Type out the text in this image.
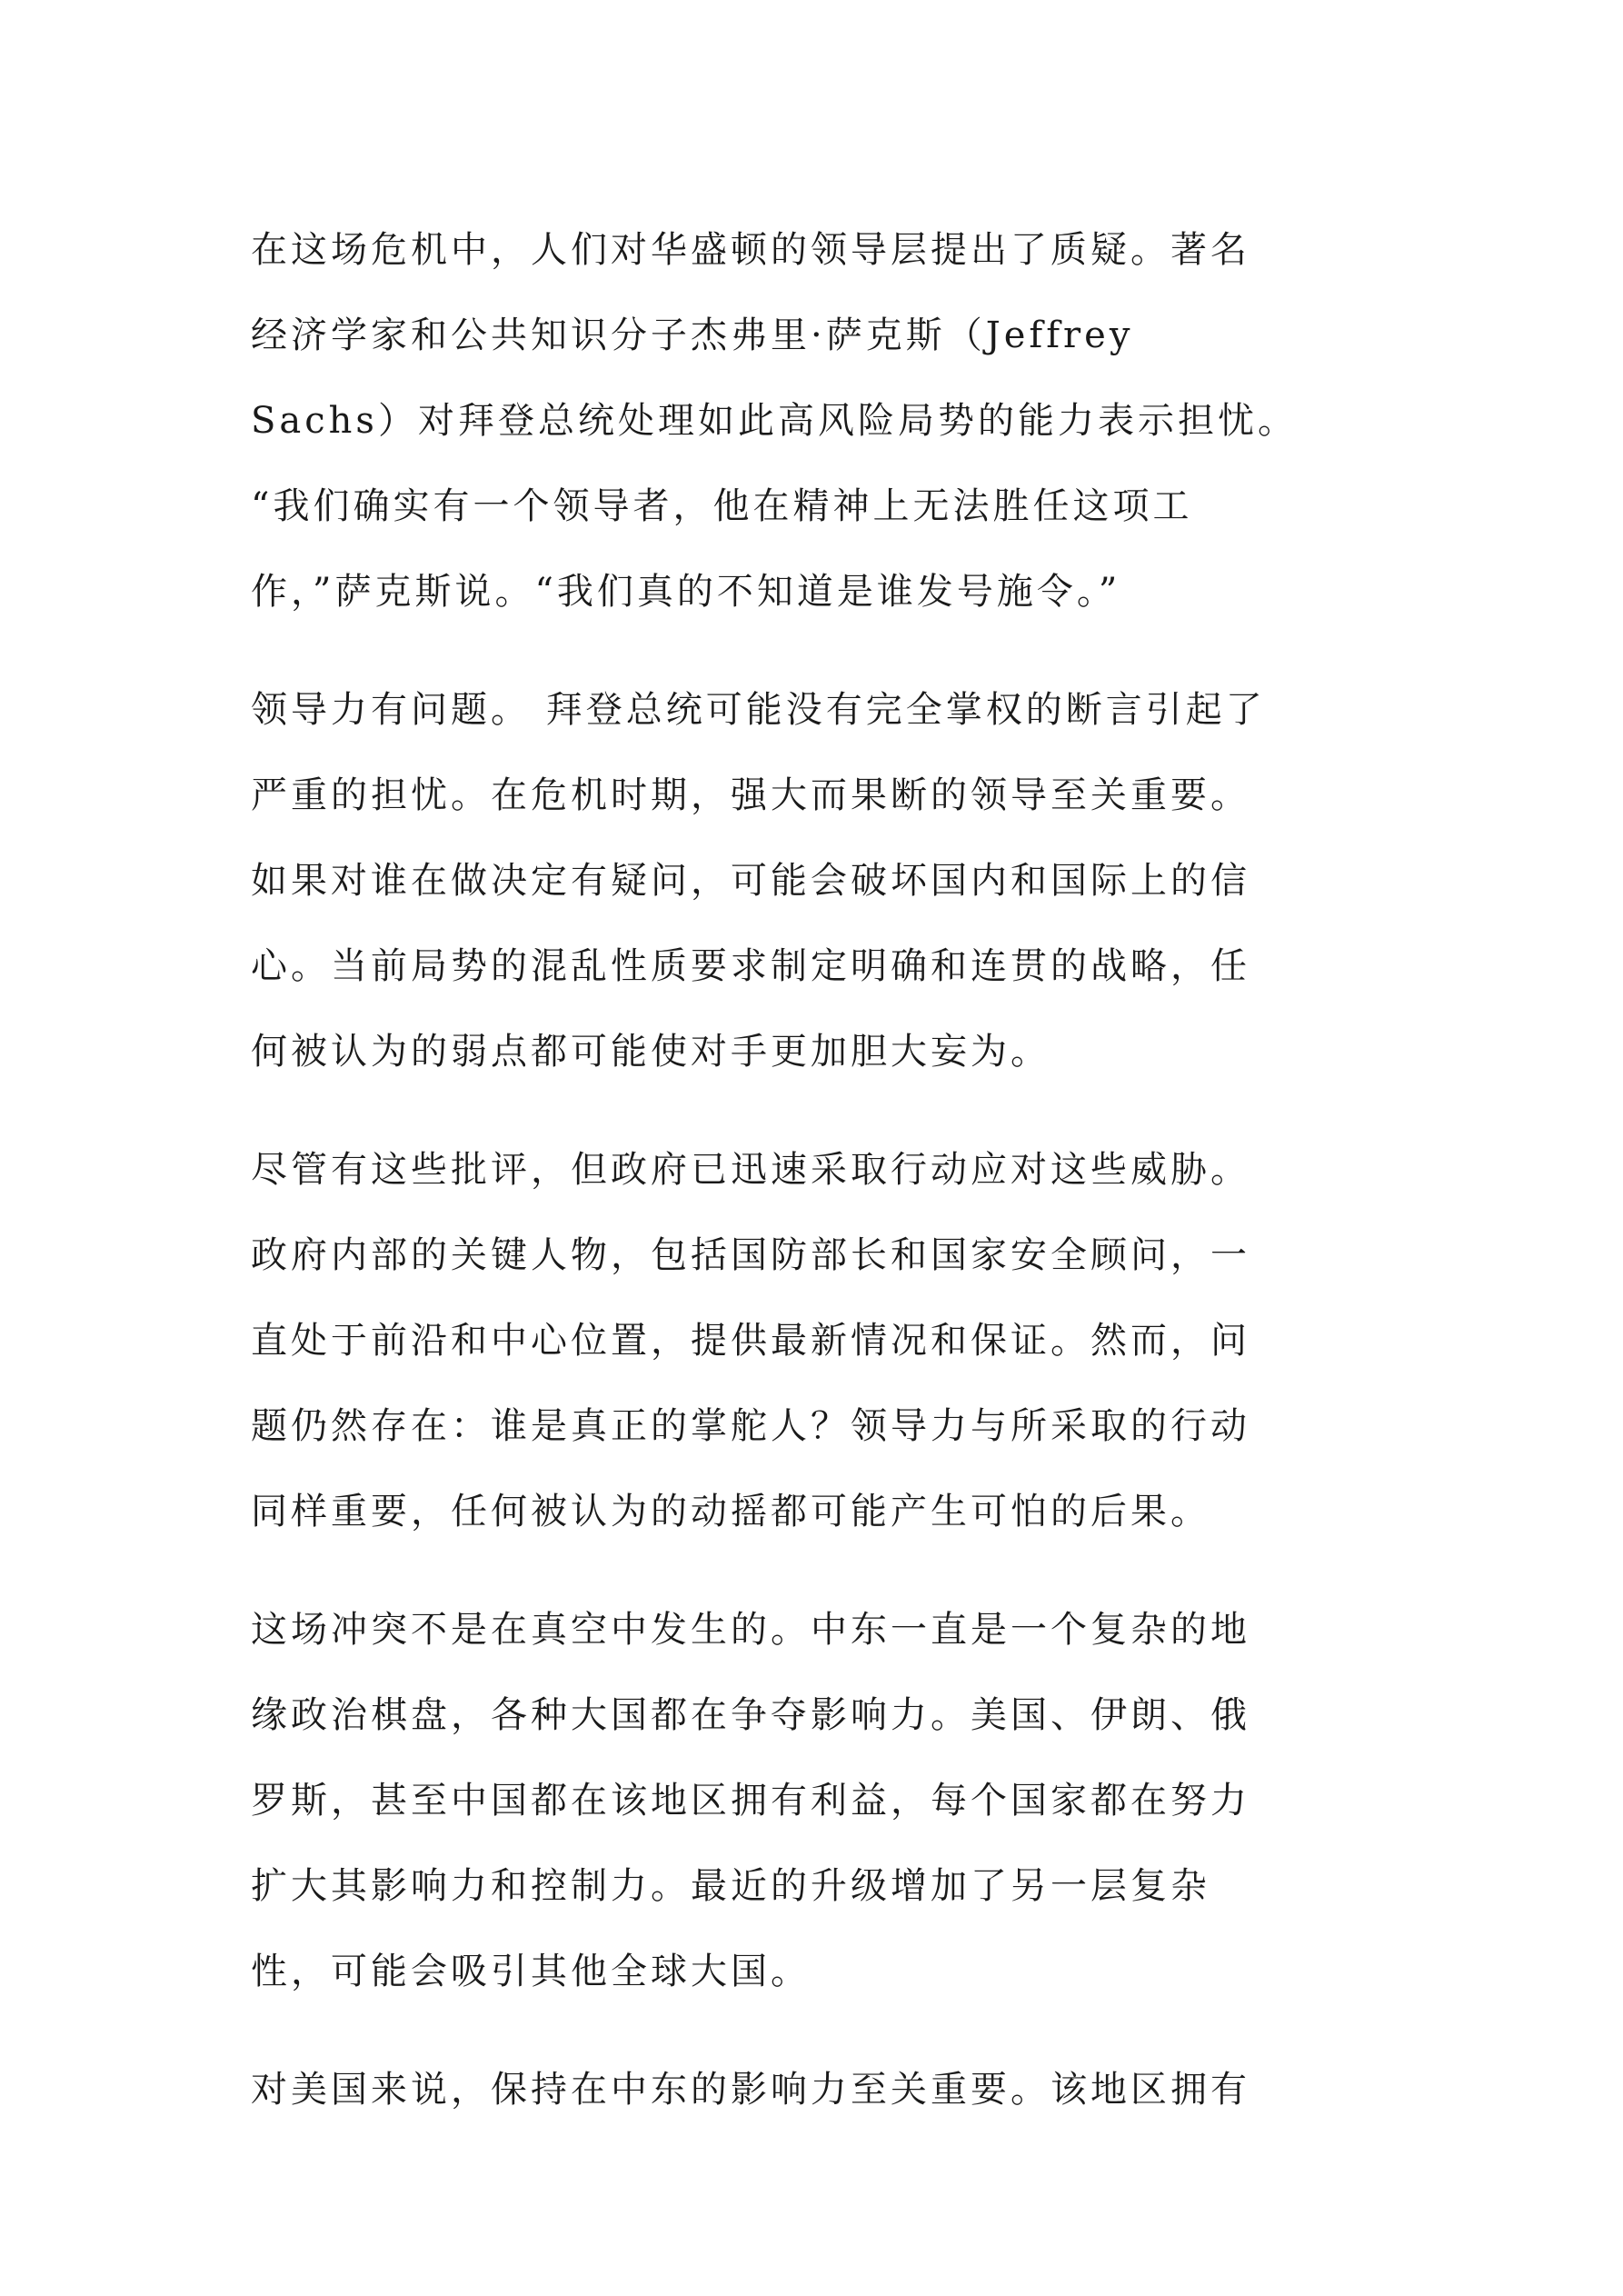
在这场危机中，人们对华盛顿的领导层提出了质疑。著名
经济学家和公共知识分子杰弗里·萨克斯（Jeffrey
Sachs）对拜登总统处理如此高风险局势的能力表示担忧。
“我们确实有一个领导者，他在精神上无法胜任这项工
作，”萨克斯说。“我们真的不知道是谁发号施令。”

领导力有问题。 拜登总统可能没有完全掌权的断言引起了
严重的担忧。在危机时期，强大而果断的领导至关重要。
如果对谁在做决定有疑问，可能会破坏国内和国际上的信
心。当前局势的混乱性质要求制定明确和连贯的战略，任
何被认为的弱点都可能使对手更加胆大妄为。

尽管有这些批评，但政府已迅速采取行动应对这些威胁。
政府内部的关键人物，包括国防部长和国家安全顾问，一
直处于前沿和中心位置，提供最新情况和保证。然而，问
题仍然存在：谁是真正的掌舵人？领导力与所采取的行动
同样重要，任何被认为的动摇都可能产生可怕的后果。

这场冲突不是在真空中发生的。中东一直是一个复杂的地
缘政治棋盘，各种大国都在争夺影响力。美国、伊朗、俄
罗斯，甚至中国都在该地区拥有利益，每个国家都在努力
扩大其影响力和控制力。最近的升级增加了另一层复杂
性，可能会吸引其他全球大国。

对美国来说，保持在中东的影响力至关重要。该地区拥有
